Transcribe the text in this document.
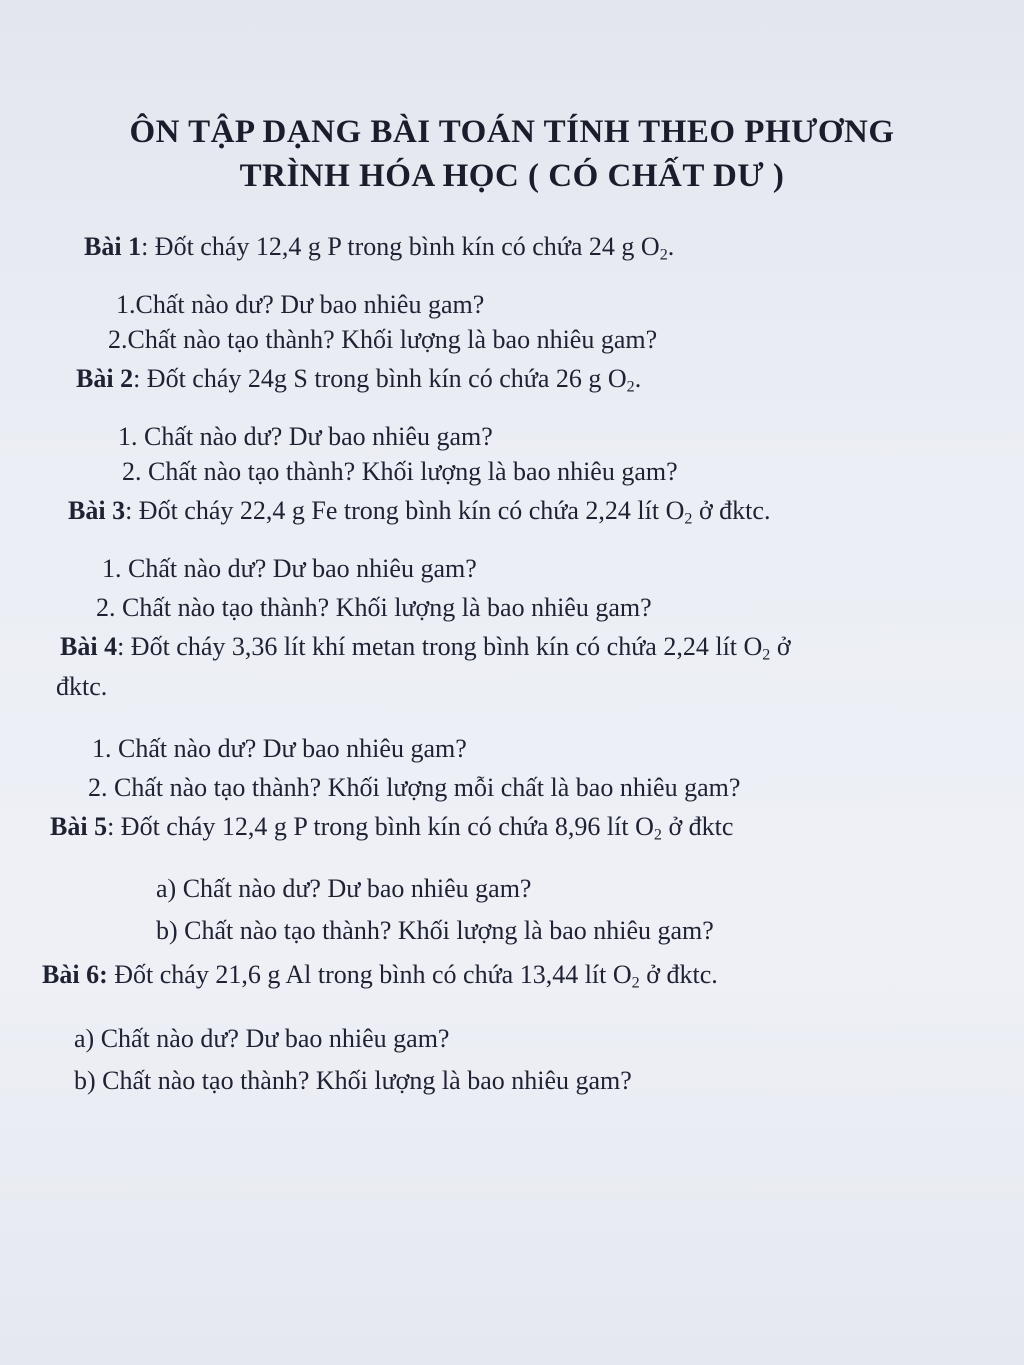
ÔN TẬP DẠNG BÀI TOÁN TÍNH THEO PHƯƠNG
TRÌNH HÓA HỌC ( CÓ CHẤT DƯ )
Bài 1: Đốt cháy 12,4 g P trong bình kín có chứa 24 g $O_2$.
1.Chất nào dư? Dư bao nhiêu gam?
2.Chất nào tạo thành? Khối lượng là bao nhiêu gam?
Bài 2: Đốt cháy 24g S trong bình kín có chứa 26 g $O_2$.
1. Chất nào dư? Dư bao nhiêu gam?
2. Chất nào tạo thành? Khối lượng là bao nhiêu gam?
Bài 3: Đốt cháy 22,4 g Fe trong bình kín có chứa 2,24 lít $O_2$ ở đktc.
1. Chất nào dư? Dư bao nhiêu gam?
2. Chất nào tạo thành? Khối lượng là bao nhiêu gam?
Bài 4: Đốt cháy 3,36 lít khí metan trong bình kín có chứa 2,24 lít $O_2$ ở
đktc.
1. Chất nào dư? Dư bao nhiêu gam?
2. Chất nào tạo thành? Khối lượng mỗi chất là bao nhiêu gam?
Bài 5: Đốt cháy 12,4 g P trong bình kín có chứa 8,96 lít $O_2$ ở đktc
a) Chất nào dư? Dư bao nhiêu gam?
b) Chất nào tạo thành? Khối lượng là bao nhiêu gam?
Bài 6: Đốt cháy 21,6 g Al trong bình có chứa 13,44 lít $O_2$ ở đktc.
a) Chất nào dư? Dư bao nhiêu gam?
b) Chất nào tạo thành? Khối lượng là bao nhiêu gam?
